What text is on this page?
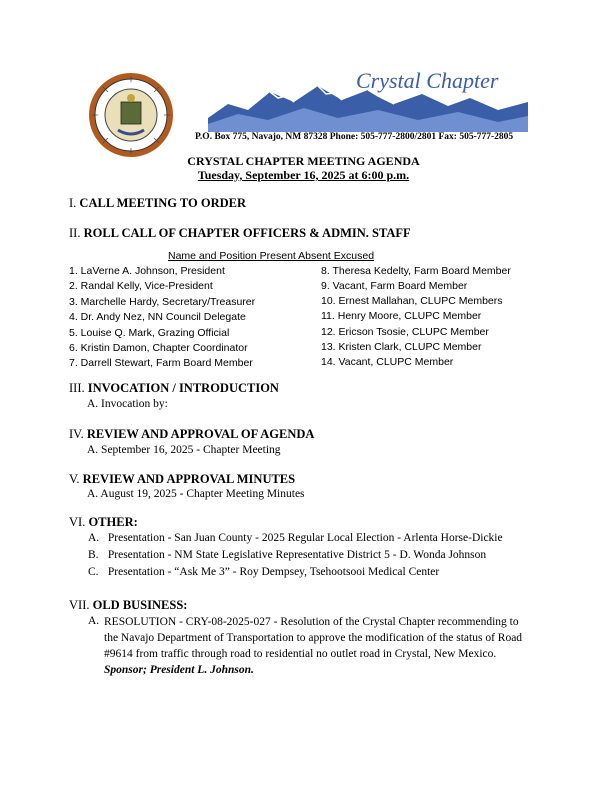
Crystal Chapter
P.O. Box 775, Navajo, NM 87328 Phone: 505-777-2800/2801 Fax: 505-777-2805
CRYSTAL CHAPTER MEETING AGENDA
Tuesday, September 16, 2025 at 6:00 p.m.
I. CALL MEETING TO ORDER
II. ROLL CALL OF CHAPTER OFFICERS & ADMIN. STAFF
Name and Position Present Absent Excused
1. LaVerne A. Johnson, President
2. Randal Kelly, Vice-President
3. Marchelle Hardy, Secretary/Treasurer
4. Dr. Andy Nez, NN Council Delegate
5. Louise Q. Mark, Grazing Official
6. Kristin Damon, Chapter Coordinator
7. Darrell Stewart, Farm Board Member
8. Theresa Kedelty, Farm Board Member
9. Vacant, Farm Board Member
10. Ernest Mallahan, CLUPC Members
11. Henry Moore, CLUPC Member
12. Ericson Tsosie, CLUPC Member
13. Kristen Clark, CLUPC Member
14. Vacant, CLUPC Member
III. INVOCATION / INTRODUCTION
A. Invocation by:
IV. REVIEW AND APPROVAL OF AGENDA
A. September 16, 2025 - Chapter Meeting
V. REVIEW AND APPROVAL MINUTES
A. August 19, 2025 - Chapter Meeting Minutes
VI. OTHER:
A. Presentation - San Juan County - 2025 Regular Local Election - Arlenta Horse-Dickie
B. Presentation - NM State Legislative Representative District 5 - D. Wonda Johnson
C. Presentation - “Ask Me 3” - Roy Dempsey, Tsehootsooi Medical Center
VII. OLD BUSINESS:
A. RESOLUTION - CRY-08-2025-027 - Resolution of the Crystal Chapter recommending to the Navajo Department of Transportation to approve the modification of the status of Road #9614 from traffic through road to residential no outlet road in Crystal, New Mexico. Sponsor; President L. Johnson.
